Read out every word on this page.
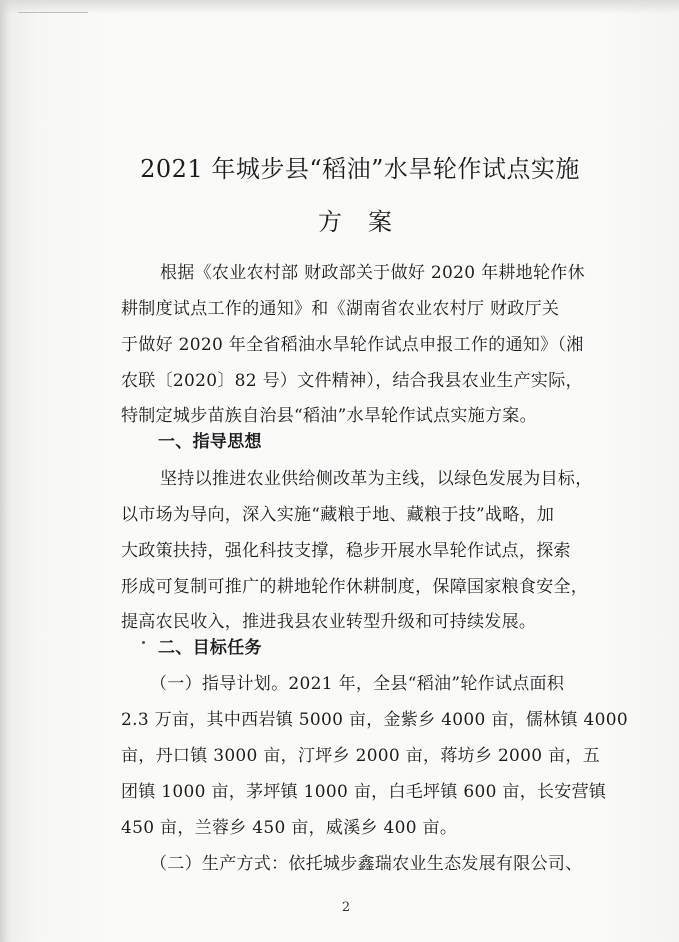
2021 年城步县“稻油”水旱轮作试点实施
方案
根据《农业农村部 财政部关于做好 2020 年耕地轮作休
耕制度试点工作的通知》和《湖南省农业农村厅 财政厅关
于做好 2020 年全省稻油水旱轮作试点申报工作的通知》（湘
农联〔2020〕82 号）文件精神），结合我县农业生产实际，
特制定城步苗族自治县“稻油”水旱轮作试点实施方案。
一、指导思想
坚持以推进农业供给侧改革为主线，以绿色发展为目标，
以市场为导向，深入实施“藏粮于地、藏粮于技”战略，加
大政策扶持，强化科技支撑，稳步开展水旱轮作试点，探索
形成可复制可推广的耕地轮作休耕制度，保障国家粮食安全，
提高农民收入，推进我县农业转型升级和可持续发展。
二、目标任务
（一）指导计划。2021 年，全县“稻油”轮作试点面积
2.3 万亩，其中西岩镇 5000 亩，金紫乡 4000 亩，儒林镇 4000
亩，丹口镇 3000 亩，汀坪乡 2000 亩，蒋坊乡 2000 亩，五
团镇 1000 亩，茅坪镇 1000 亩，白毛坪镇 600 亩，长安营镇
450 亩，兰蓉乡 450 亩，威溪乡 400 亩。
（二）生产方式：依托城步鑫瑞农业生态发展有限公司、
2
